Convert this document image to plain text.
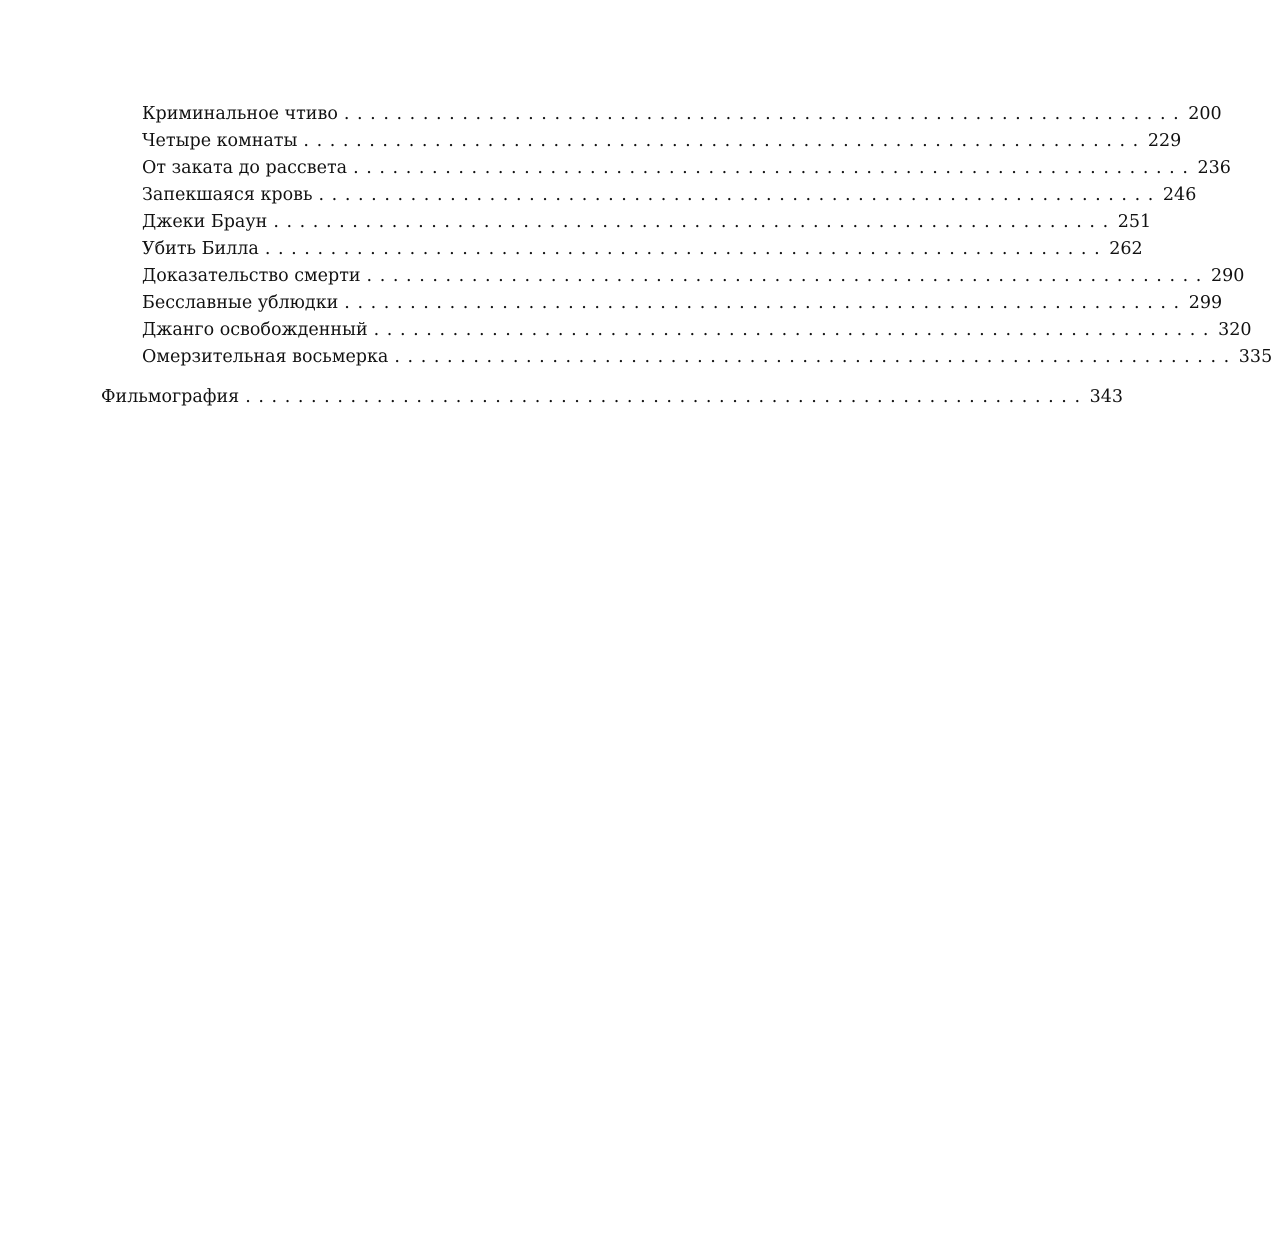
Криминальное чтиво ................................................................ 200
Четыре комнаты ................................................................ 229
От заката до рассвета ................................................................ 236
Запекшаяся кровь ................................................................ 246
Джеки Браун ................................................................ 251
Убить Билла ................................................................ 262
Доказательство смерти ................................................................ 290
Бесславные ублюдки ................................................................ 299
Джанго освобожденный ................................................................ 320
Омерзительная восьмерка ................................................................ 335
Фильмография ................................................................ 343
